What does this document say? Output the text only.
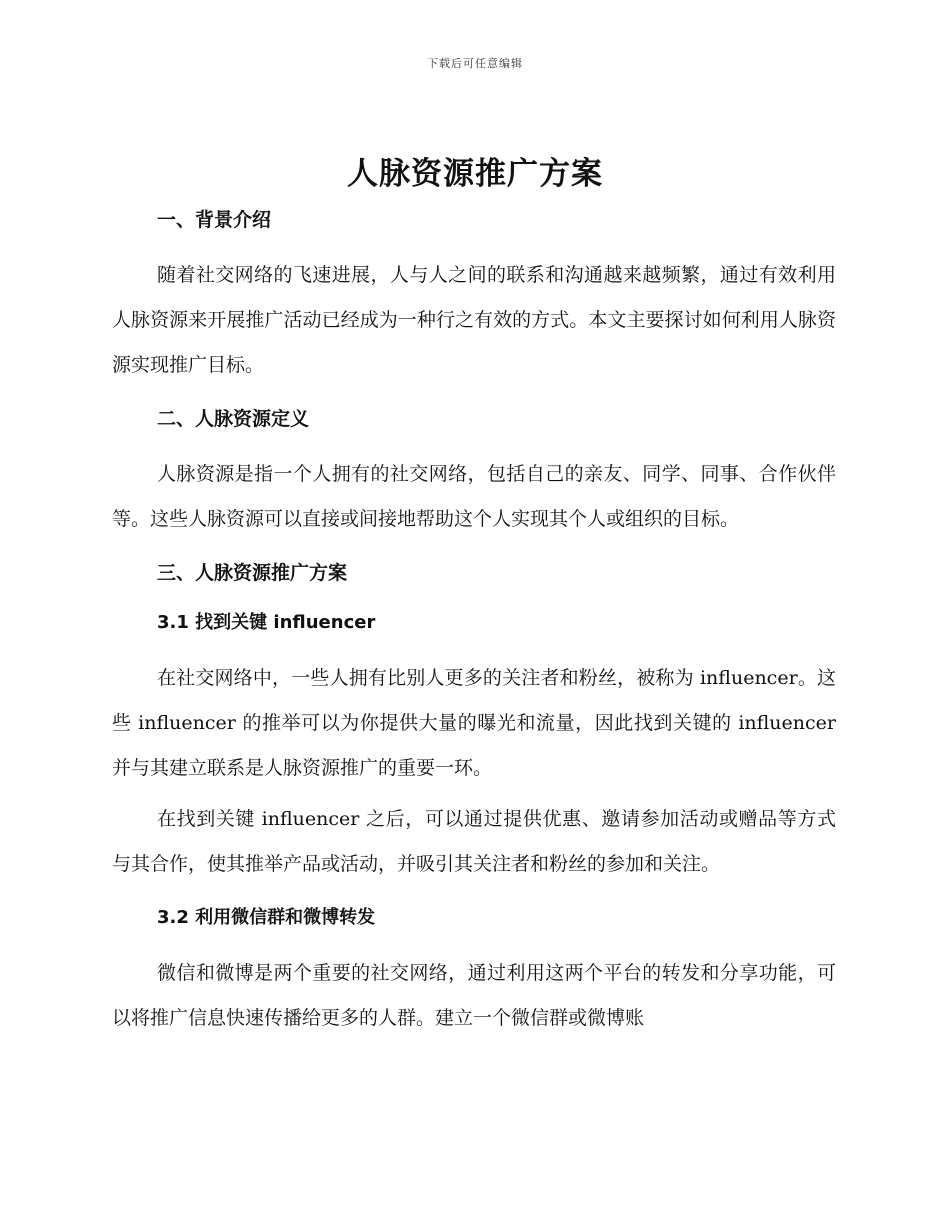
下载后可任意编辑
人脉资源推广方案
一、背景介绍

随着社交网络的飞速进展，人与人之间的联系和沟通越来越频繁，通过有效利用人脉资源来开展推广活动已经成为一种行之有效的方式。本文主要探讨如何利用人脉资源实现推广目标。

二、人脉资源定义

人脉资源是指一个人拥有的社交网络，包括自己的亲友、同学、同事、合作伙伴等。这些人脉资源可以直接或间接地帮助这个人实现其个人或组织的目标。

三、人脉资源推广方案
3.1 找到关键 influencer

在社交网络中，一些人拥有比别人更多的关注者和粉丝，被称为 influencer。这些 influencer 的推举可以为你提供大量的曝光和流量，因此找到关键的 influencer 并与其建立联系是人脉资源推广的重要一环。

在找到关键 influencer 之后，可以通过提供优惠、邀请参加活动或赠品等方式与其合作，使其推举产品或活动，并吸引其关注者和粉丝的参加和关注。

3.2 利用微信群和微博转发

微信和微博是两个重要的社交网络，通过利用这两个平台的转发和分享功能，可以将推广信息快速传播给更多的人群。建立一个微信群或微博账
